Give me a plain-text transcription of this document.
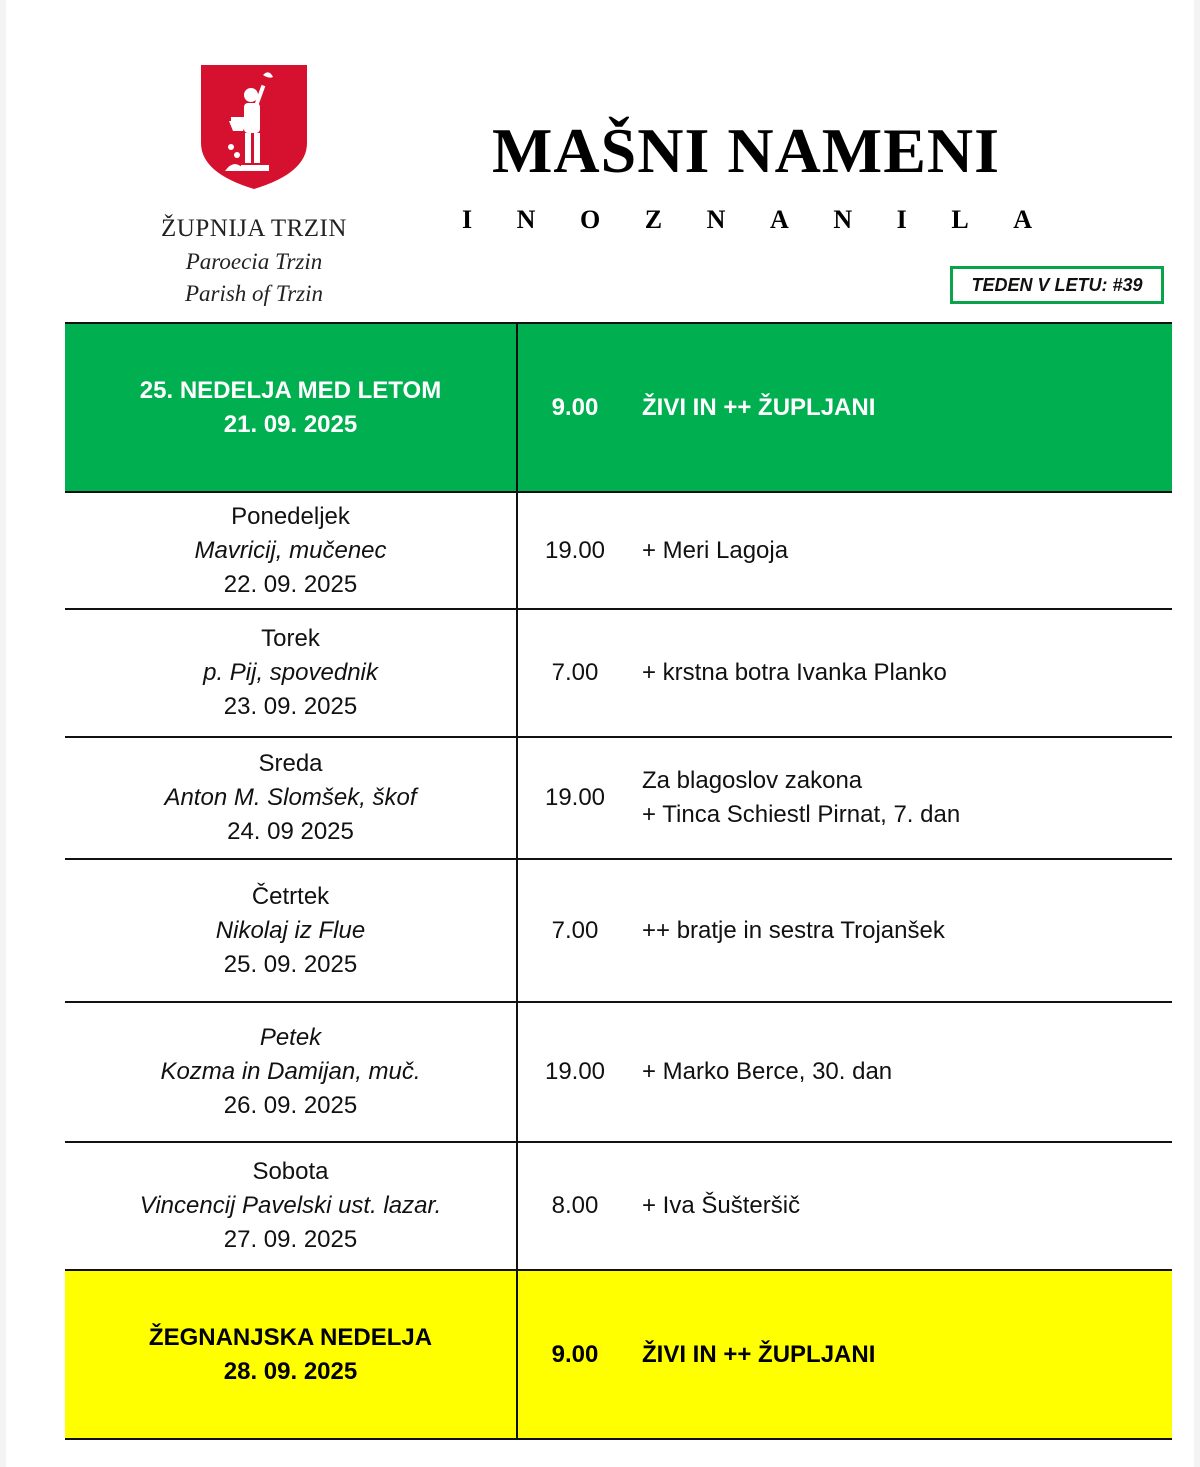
ŽUPNIJA TRZIN
Paroecia Trzin
Parish of Trzin
MAŠNI NAMENI
I N O Z N A N I L A
TEDEN V LETU: #39
25. NEDELJA MED LETOM
21. 09. 2025
9.00	ŽIVI IN ++ ŽUPLJANI
Ponedeljek
Mavricij, mučenec
22. 09. 2025
19.00	+ Meri Lagoja
Torek
p. Pij, spovednik
23. 09. 2025
7.00	+ krstna botra Ivanka Planko
Sreda
Anton M. Slomšek, škof
24. 09 2025
19.00
Za blagoslov zakona
+ Tinca Schiestl Pirnat, 7. dan
Četrtek
Nikolaj iz Flue
25. 09. 2025
7.00	++ bratje in sestra Trojanšek
Petek
Kozma in Damijan, muč.
26. 09. 2025
19.00	+ Marko Berce, 30. dan
Sobota
Vincencij Pavelski ust. lazar.
27. 09. 2025
8.00	+ Iva Šušteršič
ŽEGNANJSKA NEDELJA
28. 09. 2025
9.00	ŽIVI IN ++ ŽUPLJANI
